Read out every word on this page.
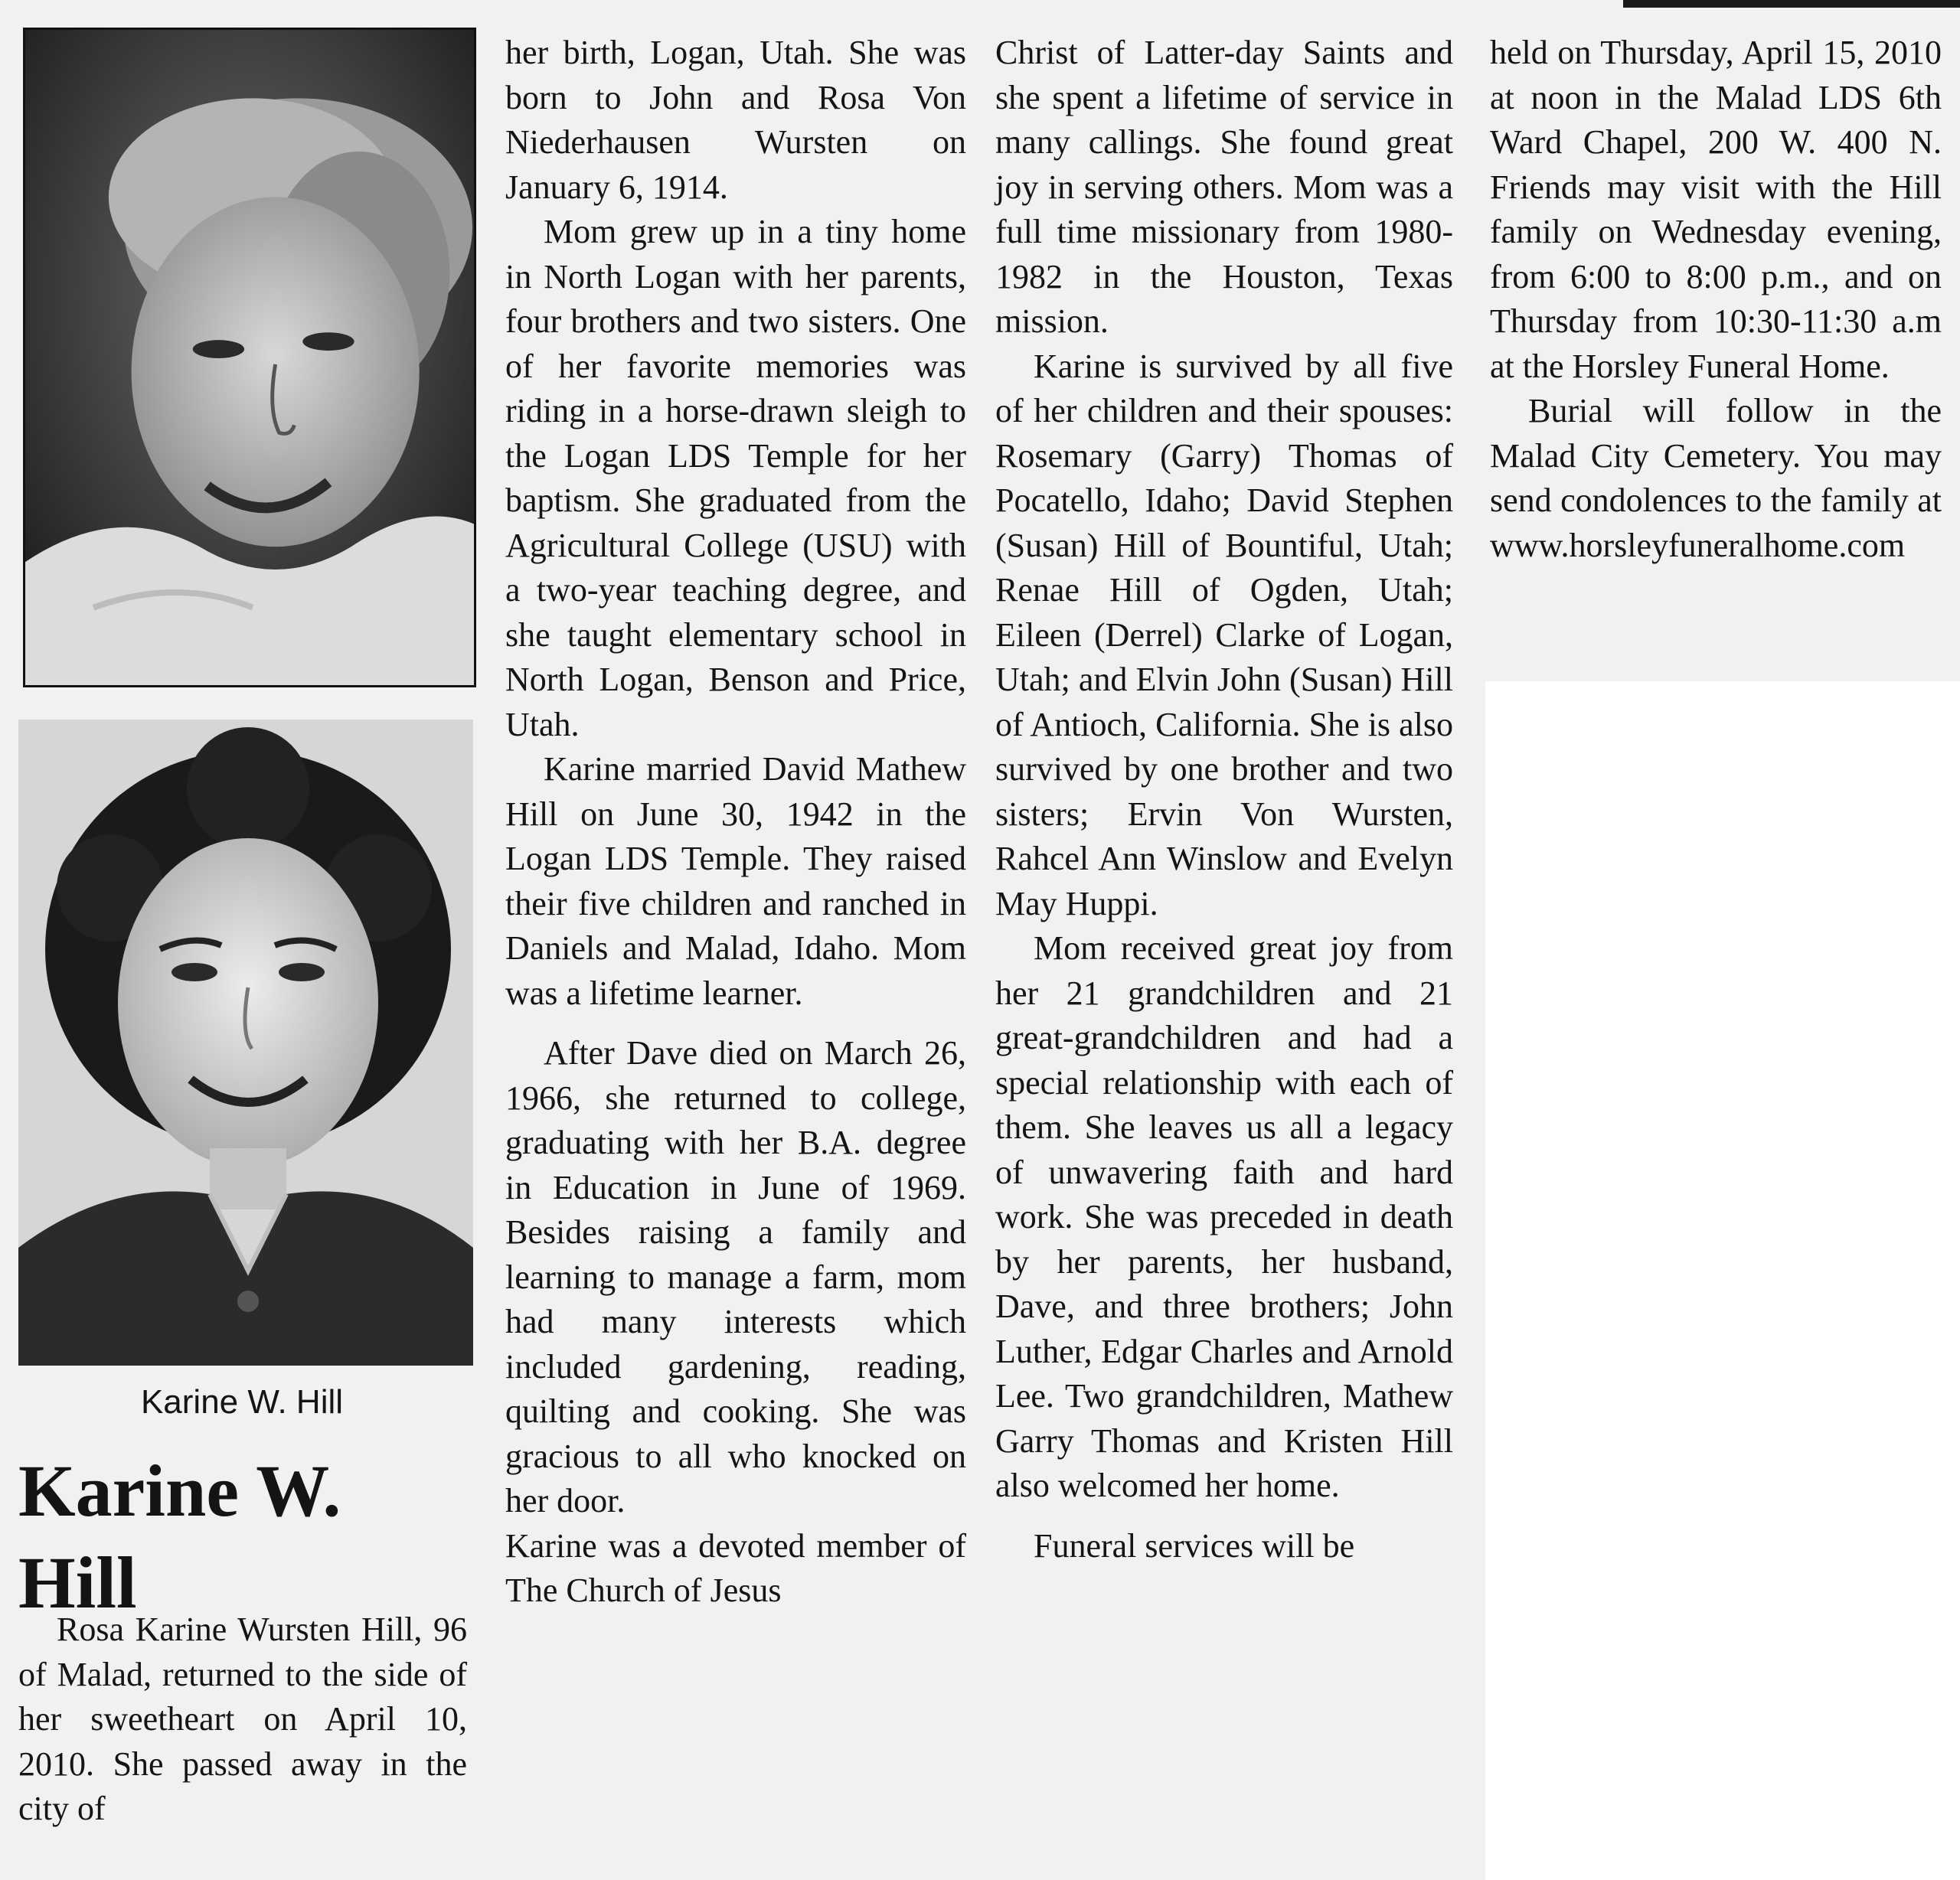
Karine W. Hill
Karine W. Hill

Rosa Karine Wursten Hill, 96 of Malad, returned to the side of her sweetheart on April 10, 2010. She passed away in the city of

her birth, Logan, Utah. She was born to John and Rosa Von Niederhausen Wursten on January 6, 1914.

Mom grew up in a tiny home in North Logan with her parents, four brothers and two sisters. One of her favorite memories was riding in a horse-drawn sleigh to the Logan LDS Temple for her baptism. She graduated from the Agricultural College (USU) with a two-year teaching degree, and she taught elementary school in North Logan, Benson and Price, Utah.

Karine married David Mathew Hill on June 30, 1942 in the Logan LDS Temple. They raised their five children and ranched in Daniels and Malad, Idaho. Mom was a lifetime learner.

After Dave died on March 26, 1966, she returned to college, graduating with her B.A. degree in Education in June of 1969. Besides raising a family and learning to manage a farm, mom had many interests which included gardening, reading, quilting and cooking. She was gracious to all who knocked on her door.

Karine was a devoted member of The Church of Jesus

Christ of Latter-day Saints and she spent a lifetime of service in many callings. She found great joy in serving others. Mom was a full time missionary from 1980-1982 in the Houston, Texas mission.

Karine is survived by all five of her children and their spouses: Rosemary (Garry) Thomas of Pocatello, Idaho; David Stephen (Susan) Hill of Bountiful, Utah; Renae Hill of Ogden, Utah; Eileen (Derrel) Clarke of Logan, Utah; and Elvin John (Susan) Hill of Antioch, California. She is also survived by one brother and two sisters; Ervin Von Wursten, Rahcel Ann Winslow and Evelyn May Huppi.

Mom received great joy from her 21 grandchildren and 21 great-grandchildren and had a special relationship with each of them. She leaves us all a legacy of unwavering faith and hard work. She was preceded in death by her parents, her husband, Dave, and three brothers; John Luther, Edgar Charles and Arnold Lee. Two grandchildren, Mathew Garry Thomas and Kristen Hill also welcomed her home.

Funeral services will be

held on Thursday, April 15, 2010 at noon in the Malad LDS 6th Ward Chapel, 200 W. 400 N. Friends may visit with the Hill family on Wednesday evening, from 6:00 to 8:00 p.m., and on Thursday from 10:30-11:30 a.m at the Horsley Funeral Home.

Burial will follow in the Malad City Cemetery. You may send condolences to the family at www.horsleyfuneralhome.com
